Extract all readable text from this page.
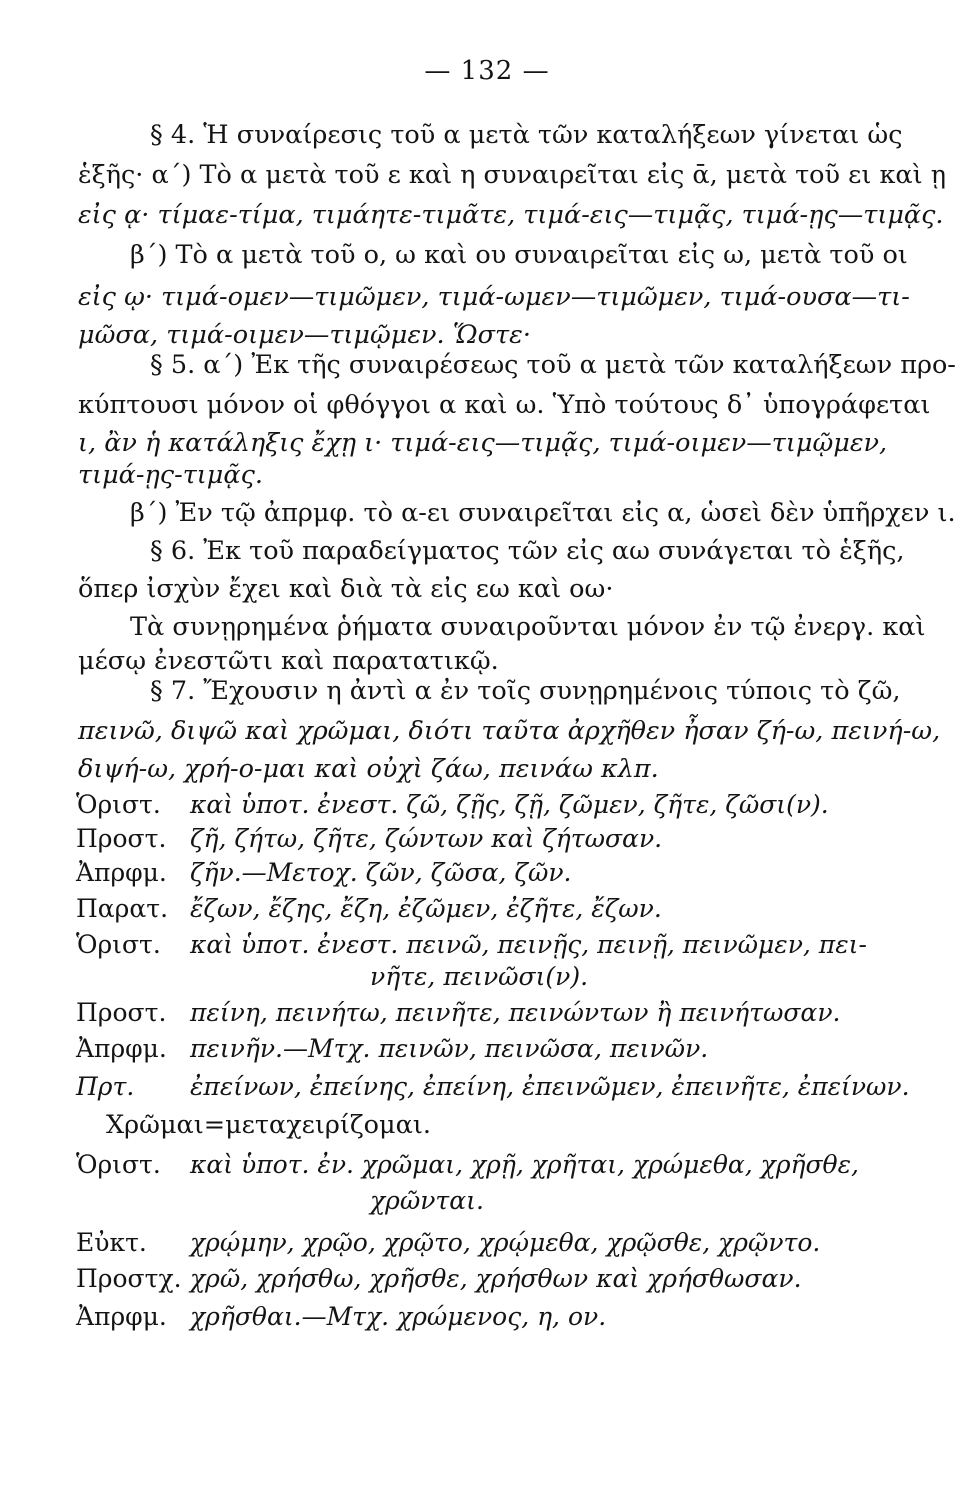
— 132 —
§ 4. Ἡ συναίρεσις τοῦ α μετὰ τῶν καταλήξεων γίνεται ὡς
ἑξῆς· α΄) Τὸ α μετὰ τοῦ ε καὶ η συναιρεῖται εἰς ᾱ, μετὰ τοῦ ει καὶ ῃ
εἰς ᾳ· τίμαε-τίμα, τιμάητε-τιμᾶτε, τιμά-εις—τιμᾷς, τιμά-ῃς—τιμᾷς.
β΄) Τὸ α μετὰ τοῦ ο, ω καὶ ου συναιρεῖται εἰς ω, μετὰ τοῦ οι
εἰς ῳ· τιμά-ομεν—τιμῶμεν, τιμά-ωμεν—τιμῶμεν, τιμά-ουσα—τι-
μῶσα, τιμά-οιμεν—τιμῷμεν. Ὥστε·
§ 5. α΄) Ἐκ τῆς συναιρέσεως τοῦ α μετὰ τῶν καταλήξεων προ-
κύπτουσι μόνον οἱ φθόγγοι α καὶ ω. Ὑπὸ τούτους δ᾽ ὑπογράφεται
ι, ἂν ἡ κατάληξις ἔχῃ ι· τιμά-εις—τιμᾷς, τιμά-οιμεν—τιμῷμεν,
τιμά-ῃς-τιμᾷς.
β΄) Ἐν τῷ ἀπρμφ. τὸ α-ει συναιρεῖται εἰς α, ὡσεὶ δὲν ὑπῆρχεν ι.
§ 6. Ἐκ τοῦ παραδείγματος τῶν εἰς αω συνάγεται τὸ ἑξῆς,
ὅπερ ἰσχὺν ἔχει καὶ διὰ τὰ εἰς εω καὶ οω·
Τὰ συνῃρημένα ῥήματα συναιροῦνται μόνον ἐν τῷ ἐνεργ. καὶ
μέσῳ ἐνεστῶτι καὶ παρατατικῷ.
§ 7. Ἔχουσιν η ἀντὶ α ἐν τοῖς συνῃρημένοις τύποις τὸ ζῶ,
πεινῶ, διψῶ καὶ χρῶμαι, διότι ταῦτα ἀρχῆθεν ἦσαν ζή-ω, πεινή-ω,
διψή-ω, χρή-ο-μαι καὶ οὐχὶ ζάω, πεινάω κλπ.
Ὁριστ. καὶ ὑποτ. ἐνεστ. ζῶ, ζῇς, ζῇ, ζῶμεν, ζῆτε, ζῶσι(ν).
Προστ. ζῆ, ζήτω, ζῆτε, ζώντων καὶ ζήτωσαν.
Ἀπρφμ. ζῆν.—Μετοχ. ζῶν, ζῶσα, ζῶν.
Παρατ. ἔζων, ἔζης, ἔζη, ἐζῶμεν, ἐζῆτε, ἔζων.
Ὁριστ. καὶ ὑποτ. ἐνεστ. πεινῶ, πεινῇς, πεινῇ, πεινῶμεν, πει-
νῆτε, πεινῶσι(ν).
Προστ. πείνη, πεινήτω, πεινῆτε, πεινώντων ἢ πεινήτωσαν.
Ἀπρφμ. πεινῆν.—Μτχ. πεινῶν, πεινῶσα, πεινῶν.
Πρτ. ἐπείνων, ἐπείνης, ἐπείνη, ἐπεινῶμεν, ἐπεινῆτε, ἐπείνων.
Χρῶμαι=μεταχειρίζομαι.
Ὁριστ. καὶ ὑποτ. ἐν. χρῶμαι, χρῇ, χρῆται, χρώμεθα, χρῆσθε,
χρῶνται.
Εὐκτ. χρῴμην, χρῷο, χρῷτο, χρῴμεθα, χρῷσθε, χρῷντο.
Προστχ. χρῶ, χρήσθω, χρῆσθε, χρήσθων καὶ χρήσθωσαν.
Ἀπρφμ. χρῆσθαι.—Μτχ. χρώμενος, η, ον.
